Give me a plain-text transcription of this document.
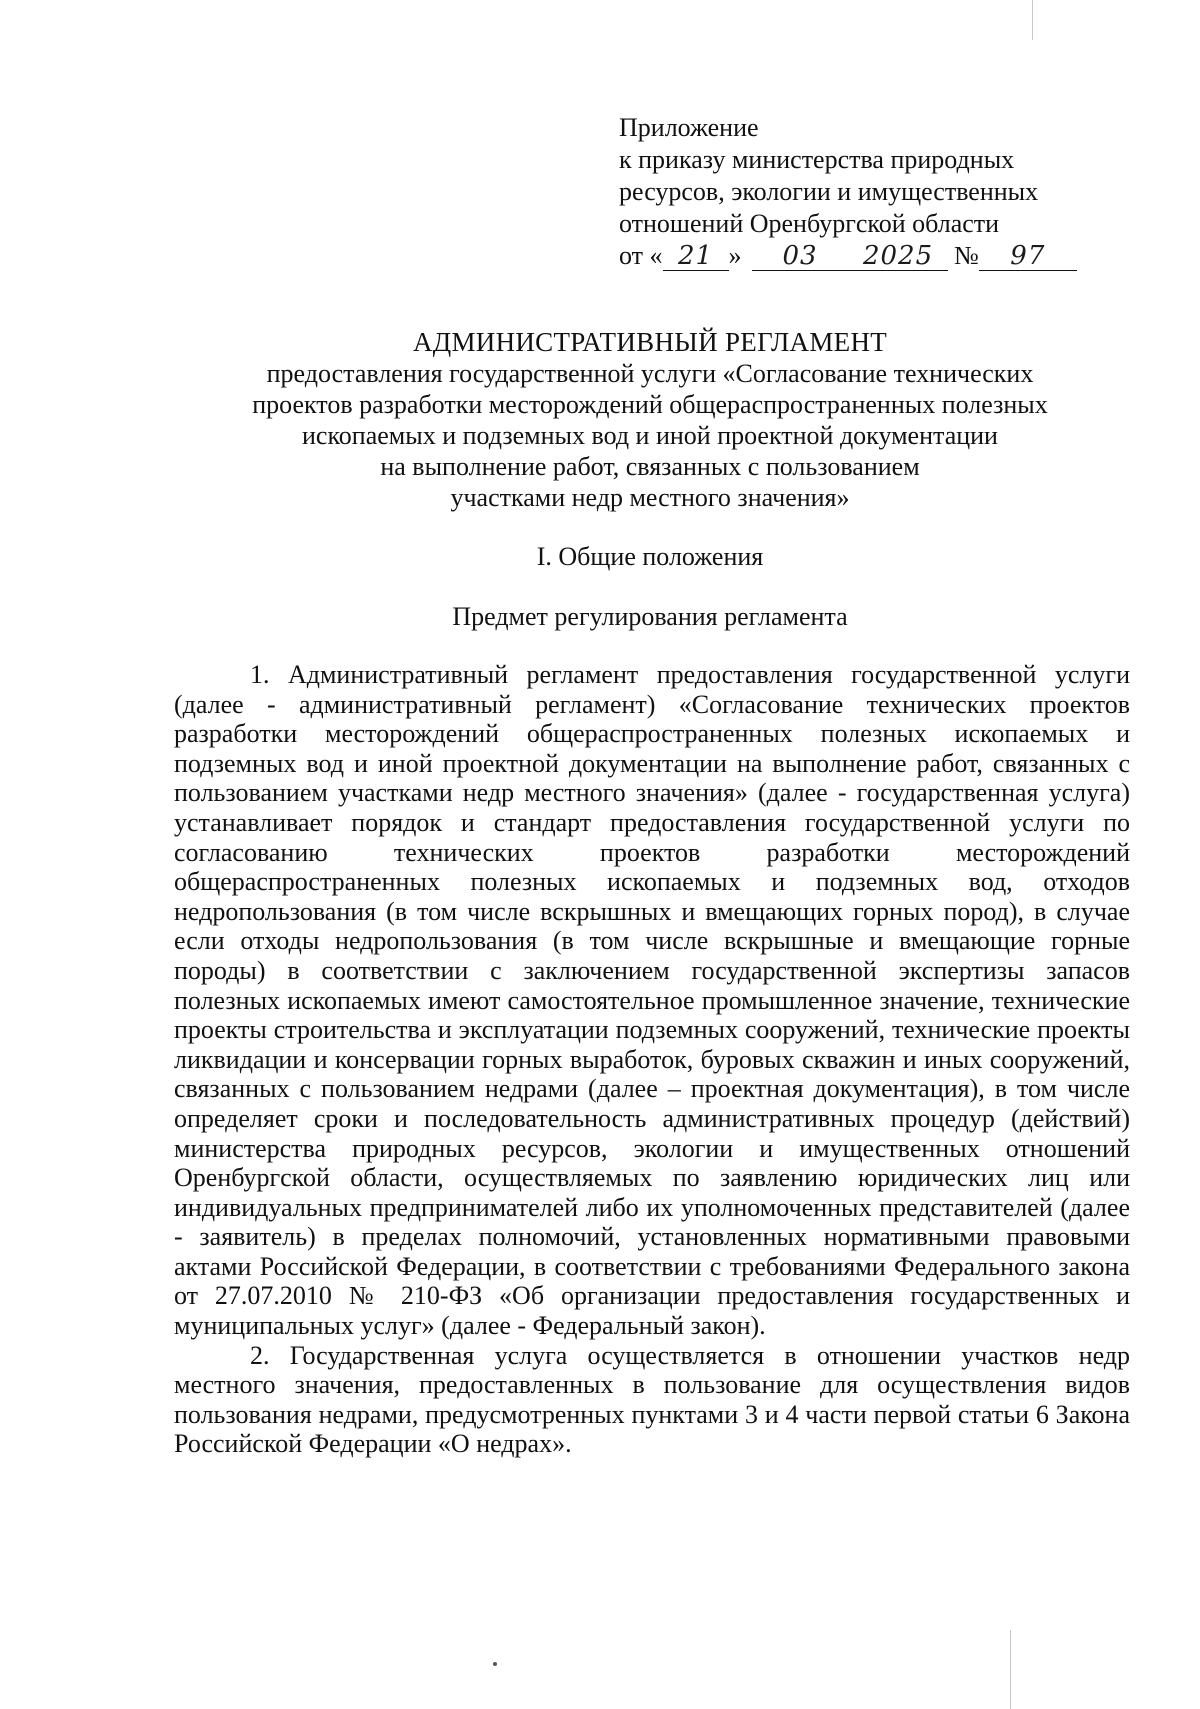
Приложение
к приказу министерства природных
ресурсов, экологии и имущественных
отношений Оренбургской области
от « 21 » 03 2025 № 97
АДМИНИСТРАТИВНЫЙ РЕГЛАМЕНТ
предоставления государственной услуги «Согласование технических
проектов разработки месторождений общераспространенных полезных
ископаемых и подземных вод и иной проектной документации
на выполнение работ, связанных с пользованием
участками недр местного значения»
I. Общие положения
Предмет регулирования регламента

1. Административный регламент предоставления государственной услуги (далее - административный регламент) «Согласование технических проектов разработки месторождений общераспространенных полезных ископаемых и подземных вод и иной проектной документации на выполнение работ, связанных с пользованием участками недр местного значения» (далее - государственная услуга) устанавливает порядок и стандарт предоставления государственной услуги по согласованию технических проектов разработки месторождений общераспространенных полезных ископаемых и подземных вод, отходов недропользования (в том числе вскрышных и вмещающих горных пород), в случае если отходы недропользования (в том числе вскрышные и вмещающие горные породы) в соответствии с заключением государственной экспертизы запасов полезных ископаемых имеют самостоятельное промышленное значение, технические проекты строительства и эксплуатации подземных сооружений, технические проекты ликвидации и консервации горных выработок, буровых скважин и иных сооружений, связанных с пользованием недрами (далее – проектная документация), в том числе определяет сроки и последовательность административных процедур (действий) министерства природных ресурсов, экологии и имущественных отношений Оренбургской области, осуществляемых по заявлению юридических лиц или индивидуальных предпринимателей либо их уполномоченных представителей (далее - заявитель) в пределах полномочий, установленных нормативными правовыми актами Российской Федерации, в соответствии с требованиями Федерального закона от 27.07.2010 № 210-ФЗ «Об организации предоставления государственных и муниципальных услуг» (далее - Федеральный закон).

2. Государственная услуга осуществляется в отношении участков недр местного значения, предоставленных в пользование для осуществления видов пользования недрами, предусмотренных пунктами 3 и 4 части первой статьи 6 Закона Российской Федерации «О недрах».
